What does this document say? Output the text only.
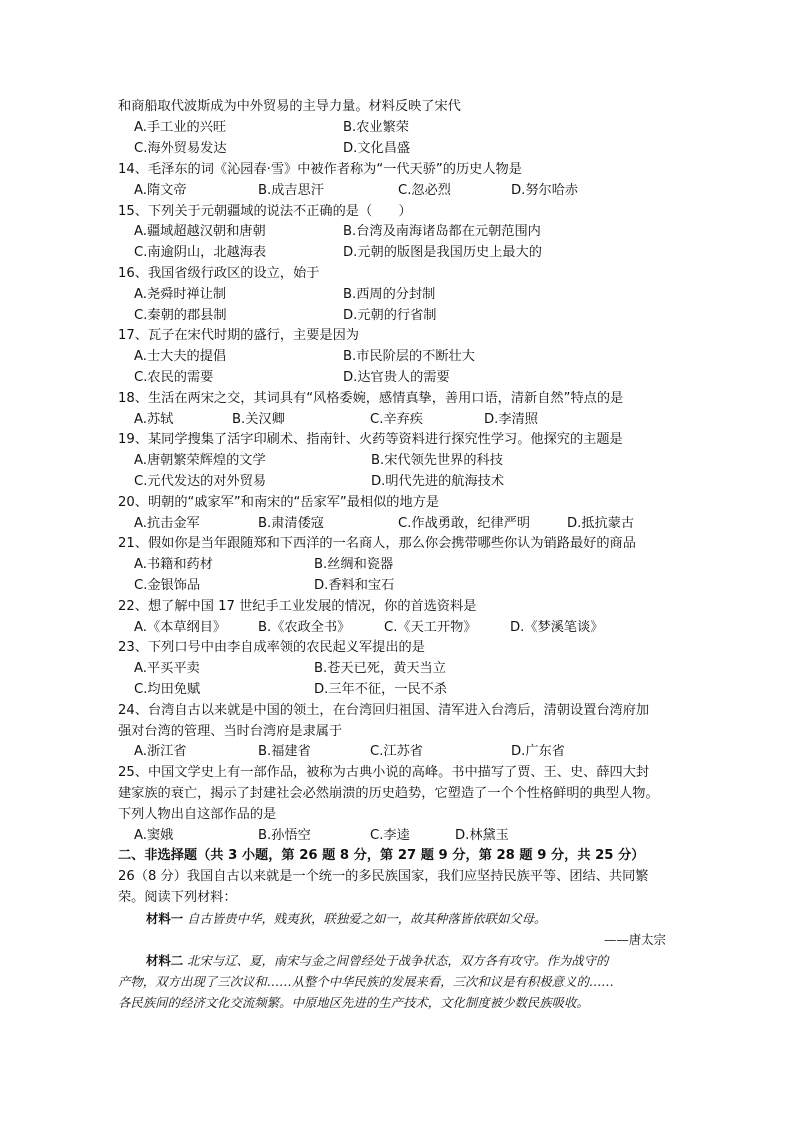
和商船取代波斯成为中外贸易的主导力量。材料反映了宋代
A.手工业的兴旺	B.农业繁荣
C.海外贸易发达	D.文化昌盛
14、毛泽东的词《沁园春·雪》中被作者称为“一代天骄”的历史人物是
A.隋文帝	B.成吉思汗	C.忽必烈	D.努尔哈赤
15、下列关于元朝疆域的说法不正确的是（　　）
A.疆域超越汉朝和唐朝	B.台湾及南海诸岛都在元朝范围内
C.南逾阴山，北越海表	D.元朝的版图是我国历史上最大的
16、我国省级行政区的设立，始于
A.尧舜时禅让制	B.西周的分封制
C.秦朝的郡县制	D.元朝的行省制
17、瓦子在宋代时期的盛行，主要是因为
A.士大夫的提倡	B.市民阶层的不断壮大
C.农民的需要	D.达官贵人的需要
18、生活在两宋之交，其词具有“风格委婉，感情真挚，善用口语，清新自然”特点的是
A.苏轼	B.关汉卿	C.辛弃疾	D.李清照
19、某同学搜集了活字印刷术、指南针、火药等资料进行探究性学习。他探究的主题是
A.唐朝繁荣辉煌的文学	B.宋代领先世界的科技
C.元代发达的对外贸易	D.明代先进的航海技术
20、明朝的“戚家军”和南宋的“岳家军”最相似的地方是
A.抗击金军	B.肃清倭寇	C.作战勇敢，纪律严明	D.抵抗蒙古
21、假如你是当年跟随郑和下西洋的一名商人，那么你会携带哪些你认为销路最好的商品
A.书籍和药材	B.丝绸和瓷器
C.金银饰品	D.香料和宝石
22、想了解中国 17 世纪手工业发展的情况，你的首选资料是
A.《本草纲目》 B.《农政全书》	C.《天工开物》	D.《梦溪笔谈》
23、下列口号中由李自成率领的农民起义军提出的是
A.平买平卖	B.苍天已死，黄天当立
C.均田免赋	D.三年不征，一民不杀
24、台湾自古以来就是中国的领土，在台湾回归祖国、清军进入台湾后，清朝设置台湾府加
强对台湾的管理、当时台湾府是隶属于
A.浙江省	B.福建省	C.江苏省	D.广东省
25、中国文学史上有一部作品，被称为古典小说的高峰。书中描写了贾、王、史、薛四大封
建家族的衰亡，揭示了封建社会必然崩溃的历史趋势，它塑造了一个个性格鲜明的典型人物。
下列人物出自这部作品的是
A.窦娥	B.孙悟空	C.李逵	D.林黛玉
二、非选择题（共 3 小题，第 26 题 8 分，第 27 题 9 分，第 28 题 9 分，共 25 分）
26（8 分）我国自古以来就是一个统一的多民族国家，我们应坚持民族平等、团结、共同繁
荣。阅读下列材料：
材料一 自古皆贵中华，贱夷狄，联独爱之如一，故其种落皆依联如父母。
——唐太宗
材料二 北宋与辽、夏，南宋与金之间曾经处于战争状态，双方各有攻守。作为战守的
产物，双方出现了三次议和……从整个中华民族的发展来看，三次和议是有积极意义的……
各民族间的经济文化交流频繁。中原地区先进的生产技术，文化制度被少数民族吸收。
